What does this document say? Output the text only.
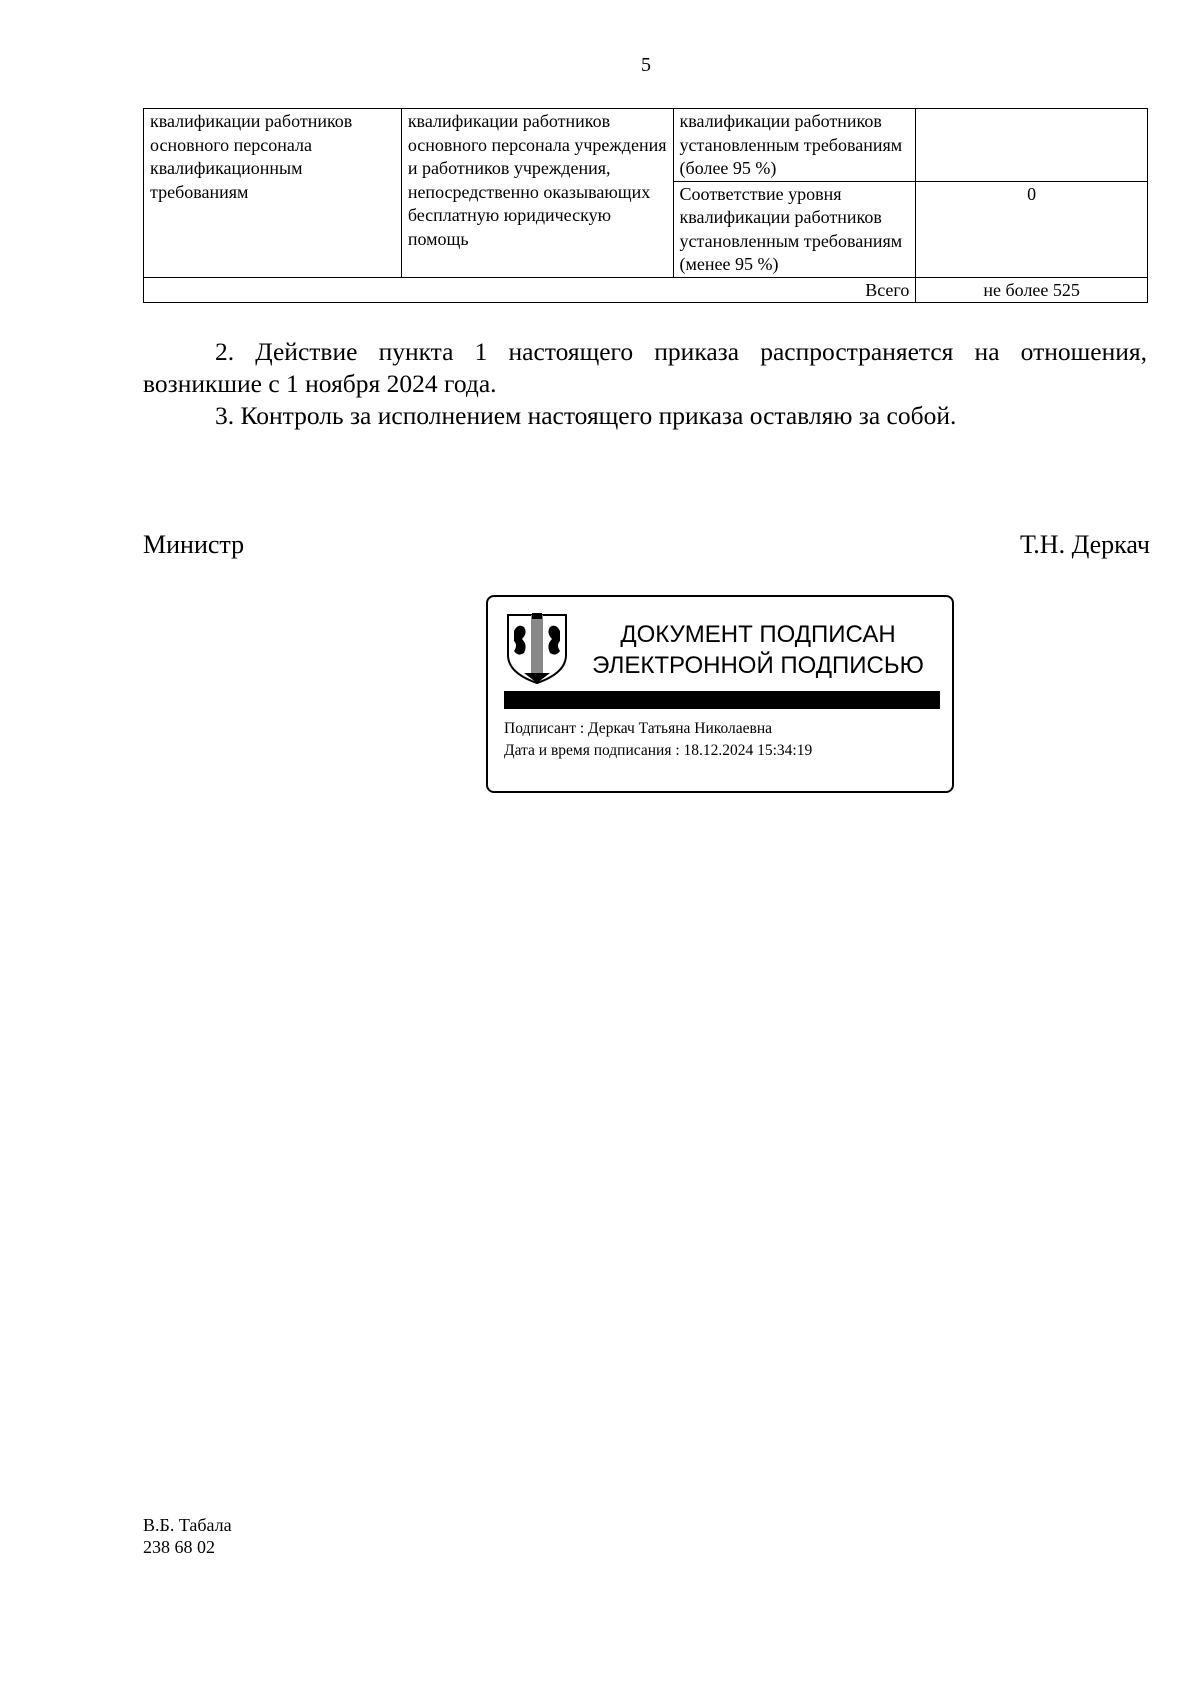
5
квалификации работников основного персонала квалификационным требованиям	квалификации работников основного персонала учреждения и работников учреждения, непосредственно оказывающих бесплатную юридическую помощь	квалификации работников установленным требованиям (более 95 %)	
		Соответствие уровня квалификации работников установленным требованиям (менее 95 %)	0
Всего			не более 525

2. Действие пункта 1 настоящего приказа распространяется на отношения, возникшие с 1 ноября 2024 года.

3. Контроль за исполнением настоящего приказа оставляю за собой.

Министр	Т.Н. Деркач
ДОКУМЕНТ ПОДПИСАН
ЭЛЕКТРОННОЙ ПОДПИСЬЮ
Подписант : Деркач Татьяна Николаевна
Дата и время подписания : 18.12.2024 15:34:19
В.Б. Табала
238 68 02
